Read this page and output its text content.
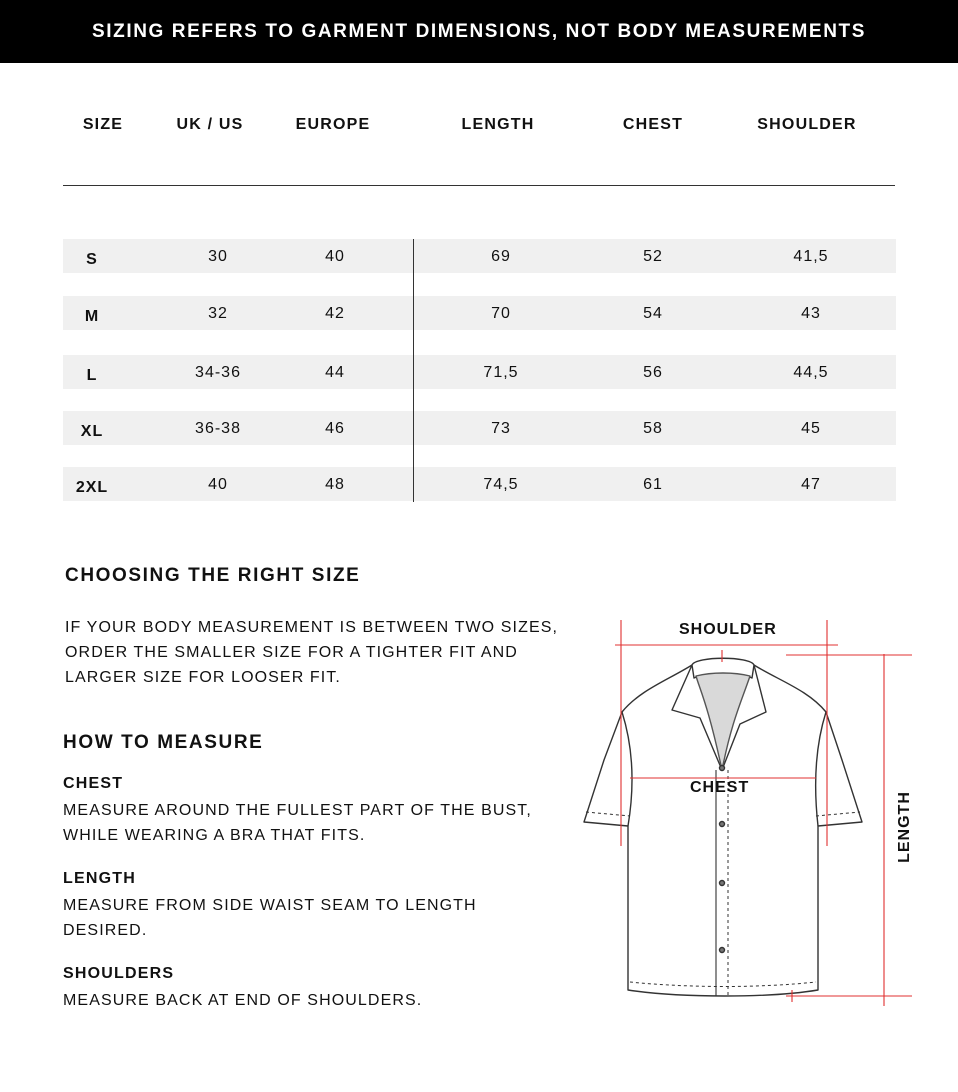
SIZING REFERS TO GARMENT DIMENSIONS, NOT BODY MEASUREMENTS
SIZE	UK / US	EUROPE	LENGTH	CHEST	SHOULDER
S	30	40	69	52	41,5
M	32	42	70	54	43
L	34-36	44	71,5	56	44,5
XL	36-38	46	73	58	45
2XL	40	48	74,5	61	47
CHOOSING THE RIGHT SIZE
IF YOUR BODY MEASUREMENT IS BETWEEN TWO SIZES,
ORDER THE SMALLER SIZE FOR A TIGHTER FIT AND
LARGER SIZE FOR LOOSER FIT.
HOW TO MEASURE
CHEST
MEASURE AROUND THE FULLEST PART OF THE BUST,
WHILE WEARING A BRA THAT FITS.
LENGTH
MEASURE FROM SIDE WAIST SEAM TO LENGTH
DESIRED.
SHOULDERS
MEASURE BACK AT END OF SHOULDERS.
SHOULDER
CHEST
LENGTH
